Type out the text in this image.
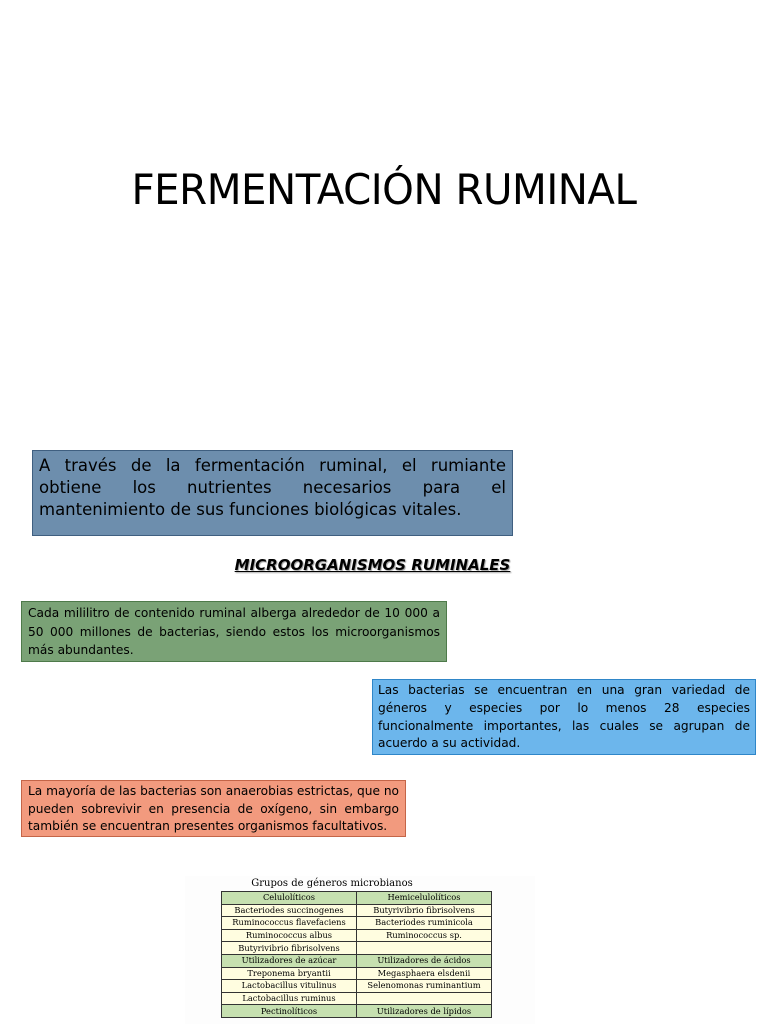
FERMENTACIÓN RUMINAL
A través de la fermentación ruminal, el rumiante obtiene los nutrientes necesarios para el mantenimiento de sus funciones biológicas vitales.
MICROORGANISMOS RUMINALES
Cada mililitro de contenido ruminal alberga alrededor de 10 000 a 50 000 millones de bacterias, siendo estos los microorganismos más abundantes.
Las bacterias se encuentran en una gran variedad de géneros y especies por lo menos 28 especies funcionalmente importantes, las cuales se agrupan de acuerdo a su actividad.
La mayoría de las bacterias son anaerobias estrictas, que no pueden sobrevivir en presencia de oxígeno, sin embargo también se encuentran presentes organismos facultativos.
Grupos de géneros microbianos
Celulolíticos	Hemicelulolíticos
Bacteriodes succinogenes	Butyrivibrio fibrisolvens
Ruminococcus flavefaciens	Bacteriodes ruminicola
Ruminococcus albus	Ruminococcus sp.
Butyrivibrio fibrisolvens	
Utilizadores de azúcar	Utilizadores de ácidos
Treponema bryantii	Megasphaera elsdenii
Lactobacillus vitulinus	Selenomonas ruminantium
Lactobacillus ruminus	
Pectinolíticos	Utilizadores de lípidos
